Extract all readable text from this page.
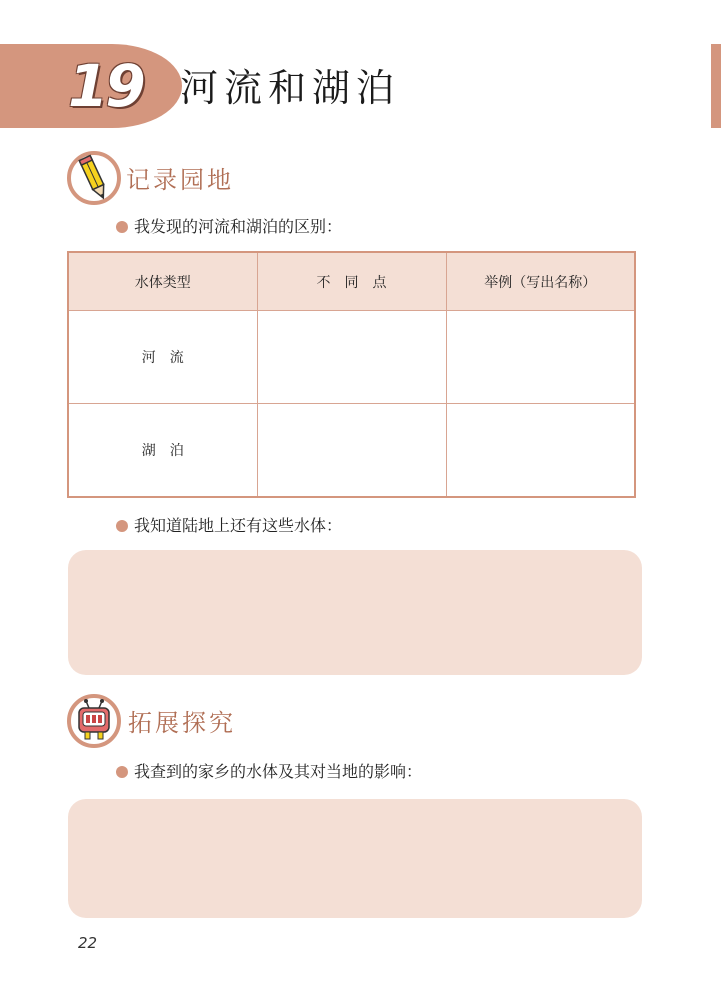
19 河流和湖泊
记录园地
我发现的河流和湖泊的区别：
水体类型	不　同　点	举例（写出名称）
河　流		
湖　泊		
我知道陆地上还有这些水体：
拓展探究
我查到的家乡的水体及其对当地的影响：
22
